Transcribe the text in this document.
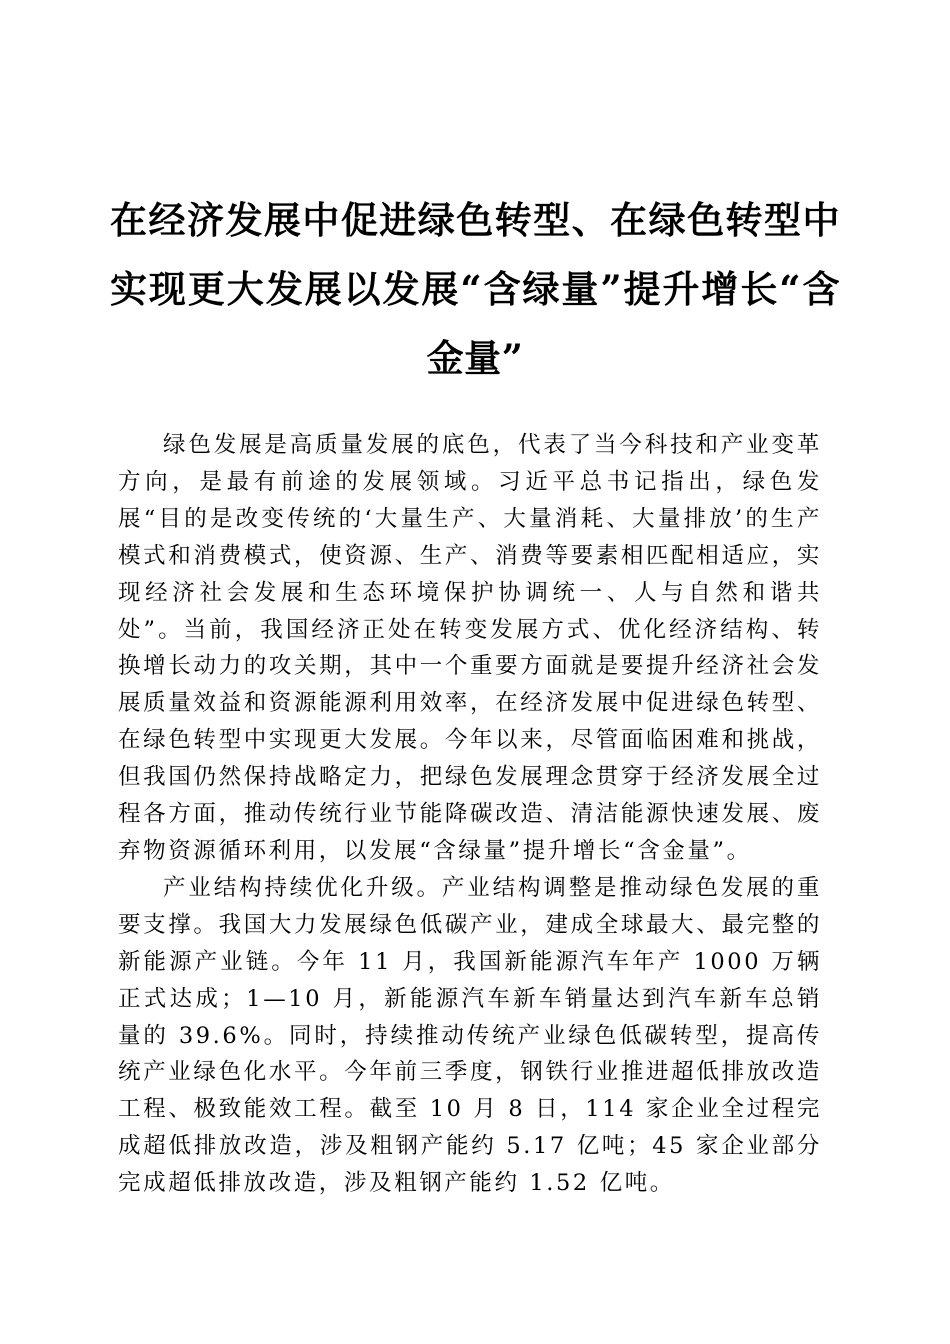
在经济发展中促进绿色转型、在绿色转型中实现更大发展以发展“含绿量”提升增长“含金量”

绿色发展是高质量发展的底色，代表了当今科技和产业变革方向，是最有前途的发展领域。习近平总书记指出，绿色发展“目的是改变传统的‘大量生产、大量消耗、大量排放’的生产模式和消费模式，使资源、生产、消费等要素相匹配相适应，实现经济社会发展和生态环境保护协调统一、人与自然和谐共处”。当前，我国经济正处在转变发展方式、优化经济结构、转换增长动力的攻关期，其中一个重要方面就是要提升经济社会发展质量效益和资源能源利用效率，在经济发展中促进绿色转型、在绿色转型中实现更大发展。今年以来，尽管面临困难和挑战，但我国仍然保持战略定力，把绿色发展理念贯穿于经济发展全过程各方面，推动传统行业节能降碳改造、清洁能源快速发展、废弃物资源循环利用，以发展“含绿量”提升增长“含金量”。

产业结构持续优化升级。产业结构调整是推动绿色发展的重要支撑。我国大力发展绿色低碳产业，建成全球最大、最完整的新能源产业链。今年 11 月，我国新能源汽车年产 1000 万辆正式达成；1—10 月，新能源汽车新车销量达到汽车新车总销量的 39.6%。同时，持续推动传统产业绿色低碳转型，提高传统产业绿色化水平。今年前三季度，钢铁行业推进超低排放改造工程、极致能效工程。截至 10 月 8 日，114 家企业全过程完成超低排放改造，涉及粗钢产能约 5.17 亿吨；45 家企业部分完成超低排放改造，涉及粗钢产能约 1.52 亿吨。
